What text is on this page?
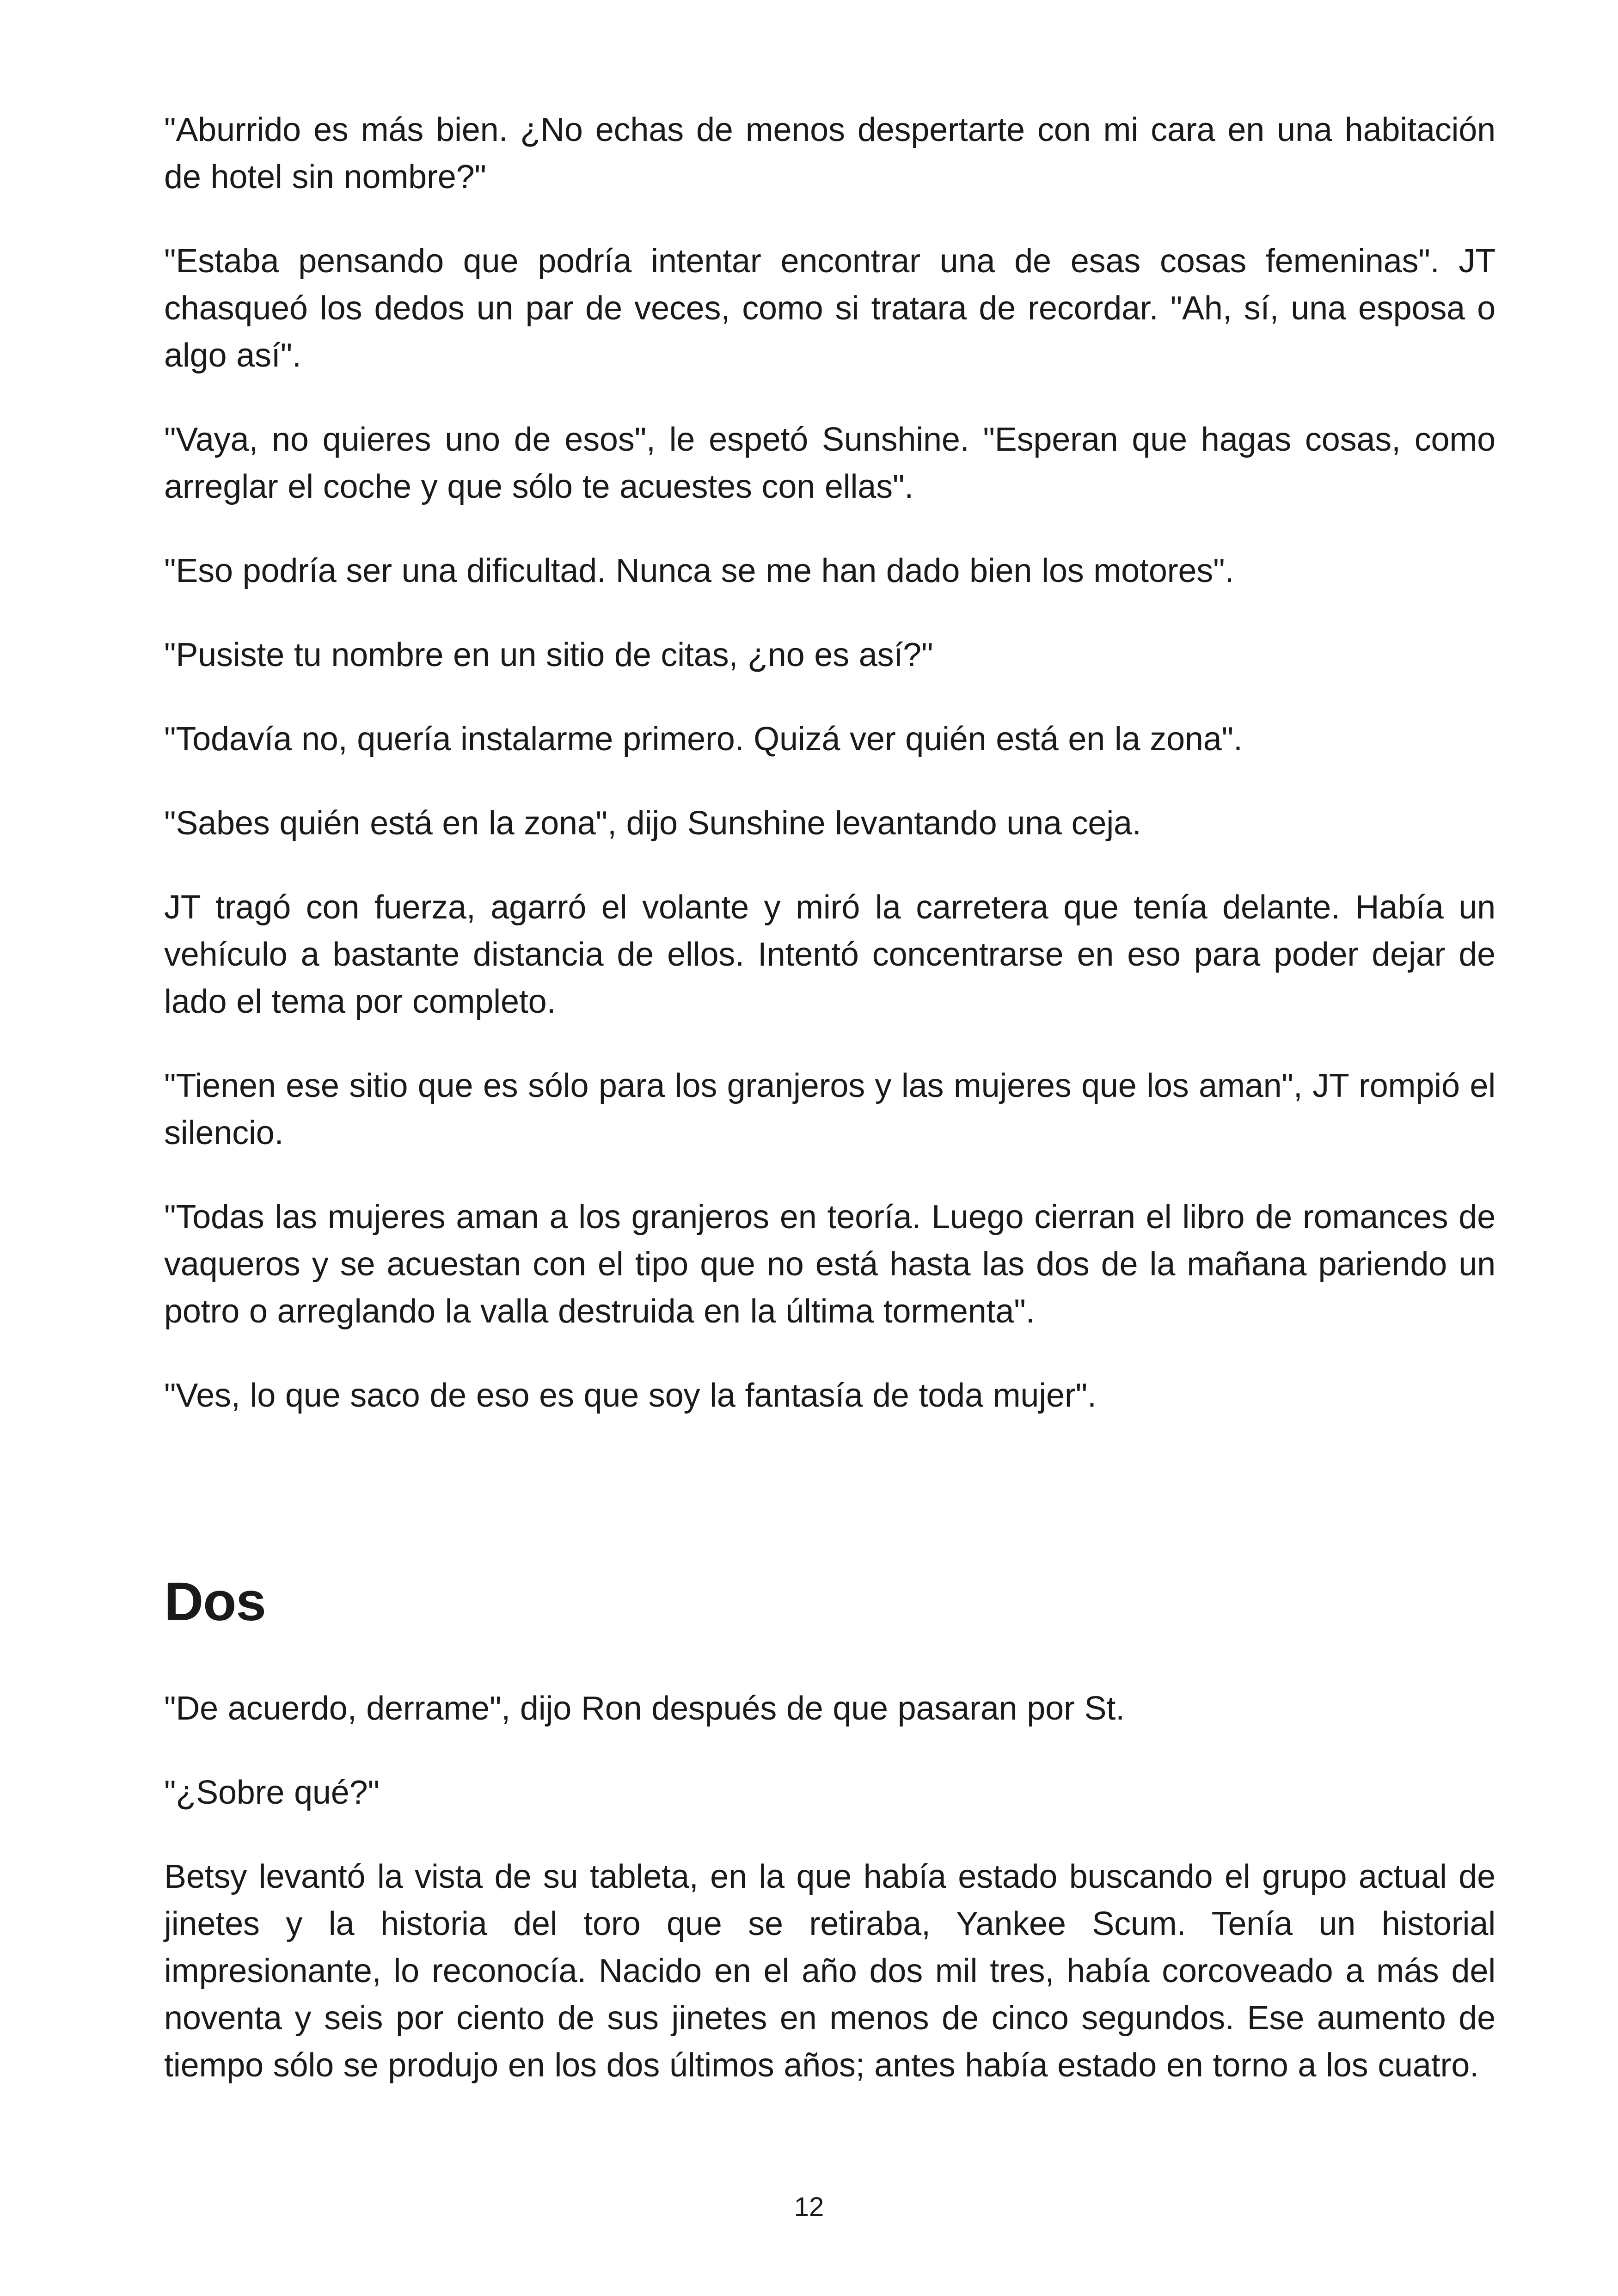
"Aburrido es más bien. ¿No echas de menos despertarte con mi cara en una habitación de hotel sin nombre?"

"Estaba pensando que podría intentar encontrar una de esas cosas femeninas". JT chasqueó los dedos un par de veces, como si tratara de recordar. "Ah, sí, una esposa o algo así".

"Vaya, no quieres uno de esos", le espetó Sunshine. "Esperan que hagas cosas, como arreglar el coche y que sólo te acuestes con ellas".

"Eso podría ser una dificultad. Nunca se me han dado bien los motores".

"Pusiste tu nombre en un sitio de citas, ¿no es así?"

"Todavía no, quería instalarme primero. Quizá ver quién está en la zona".

"Sabes quién está en la zona", dijo Sunshine levantando una ceja.

JT tragó con fuerza, agarró el volante y miró la carretera que tenía delante. Había un vehículo a bastante distancia de ellos. Intentó concentrarse en eso para poder dejar de lado el tema por completo.

"Tienen ese sitio que es sólo para los granjeros y las mujeres que los aman", JT rompió el silencio.

"Todas las mujeres aman a los granjeros en teoría. Luego cierran el libro de romances de vaqueros y se acuestan con el tipo que no está hasta las dos de la mañana pariendo un potro o arreglando la valla destruida en la última tormenta".

"Ves, lo que saco de eso es que soy la fantasía de toda mujer".

Dos

"De acuerdo, derrame", dijo Ron después de que pasaran por St.

"¿Sobre qué?"

Betsy levantó la vista de su tableta, en la que había estado buscando el grupo actual de jinetes y la historia del toro que se retiraba, Yankee Scum. Tenía un historial impresionante, lo reconocía. Nacido en el año dos mil tres, había corcoveado a más del noventa y seis por ciento de sus jinetes en menos de cinco segundos. Ese aumento de tiempo sólo se produjo en los dos últimos años; antes había estado en torno a los cuatro.

12
